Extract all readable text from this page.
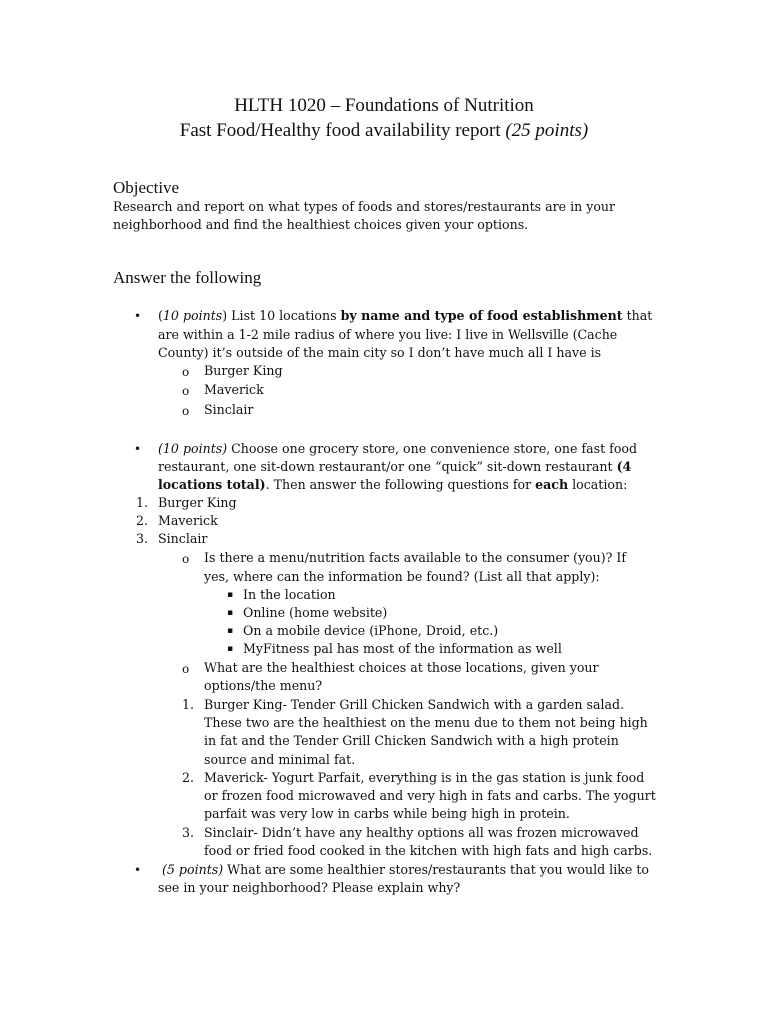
HLTH 1020 – Foundations of Nutrition
Fast Food/Healthy food availability report (25 points)
Objective
Research and report on what types of foods and stores/restaurants are in your
neighborhood and find the healthiest choices given your options.
Answer the following
• (10 points) List 10 locations by name and type of food establishment that
are within a 1-2 mile radius of where you live: I live in Wellsville (Cache
County) it’s outside of the main city so I don’t have much all I have is
o Burger King
o Maverick
o Sinclair
• (10 points) Choose one grocery store, one convenience store, one fast food
restaurant, one sit-down restaurant/or one “quick” sit-down restaurant (4
locations total). Then answer the following questions for each location:
1. Burger King
2. Maverick
3. Sinclair
o Is there a menu/nutrition facts available to the consumer (you)? If
yes, where can the information be found? (List all that apply):
▪ In the location
▪ Online (home website)
▪ On a mobile device (iPhone, Droid, etc.)
▪ MyFitness pal has most of the information as well
o What are the healthiest choices at those locations, given your
options/the menu?
1. Burger King- Tender Grill Chicken Sandwich with a garden salad.
These two are the healthiest on the menu due to them not being high
in fat and the Tender Grill Chicken Sandwich with a high protein
source and minimal fat.
2. Maverick- Yogurt Parfait, everything is in the gas station is junk food
or frozen food microwaved and very high in fats and carbs. The yogurt
parfait was very low in carbs while being high in protein.
3. Sinclair- Didn’t have any healthy options all was frozen microwaved
food or fried food cooked in the kitchen with high fats and high carbs.
• (5 points) What are some healthier stores/restaurants that you would like to
see in your neighborhood? Please explain why?
